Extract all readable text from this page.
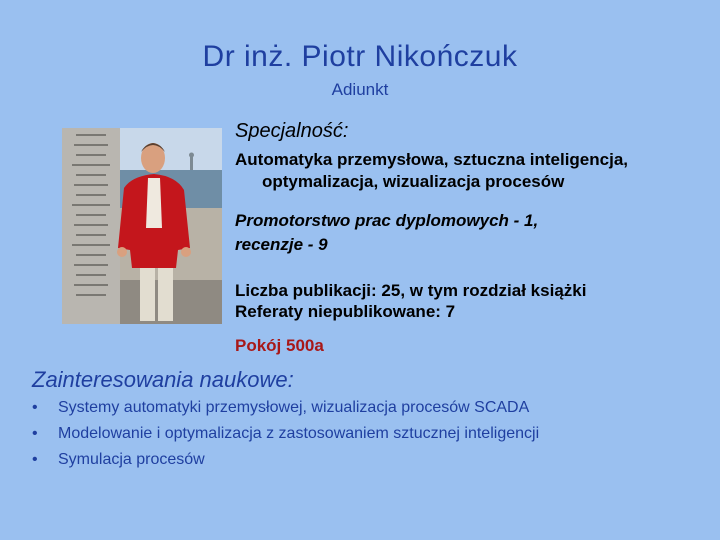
Dr inż. Piotr Nikończuk
Adiunkt
Specjalność:
Automatyka przemysłowa, sztuczna inteligencja,
optymalizacja, wizualizacja procesów
Promotorstwo prac dyplomowych - 1,
recenzje - 9
Liczba publikacji: 25, w tym rozdział książki
Referaty niepublikowane: 7
Pokój 500a
Zainteresowania naukowe:
• Systemy automatyki przemysłowej, wizualizacja procesów SCADA
• Modelowanie i optymalizacja z zastosowaniem sztucznej inteligencji
• Symulacja procesów
